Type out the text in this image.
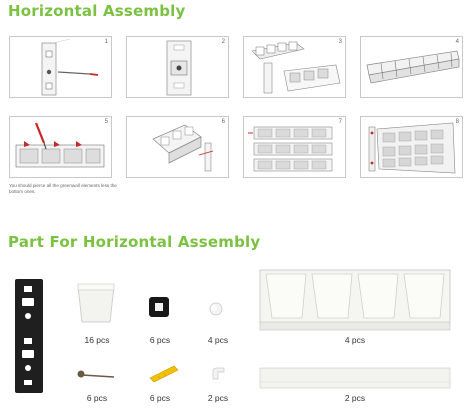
Horizontal Assembly
1	2	3	4
5
You should pierce all the greenwall elements less the bottom ones.
6	7	8
Part For Horizontal Assembly
16 pcs	6 pcs	4 pcs	4 pcs
6 pcs	6 pcs	2 pcs	2 pcs
